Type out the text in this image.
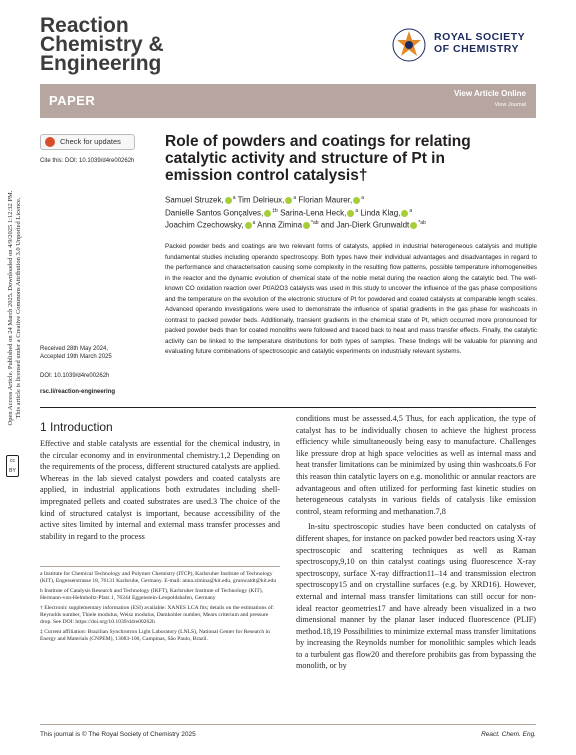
Reaction
Chemistry &
Engineering
ROYAL SOCIETY
OF CHEMISTRY
PAPER	View Article Online
View Journal
Open Access Article. Published on 24 March 2025. Downloaded on 4/9/2025 1:12:32 PM. This article is licensed under a Creative Commons Attribution 3.0 Unported Licence.
cc BY
Check for updates
Cite this: DOI: 10.1039/d4re00262h
Role of powders and coatings for relating catalytic activity and structure of Pt in emission control catalysis†
Samuel Struzek, $^a$ Tim Delrieux, $^a$ Florian Maurer, $^a$
Danielle Santos Gonçalves, $^{\ddagger b}$ Sarina-Lena Heck, $^a$ Linda Klag, $^a$
Joachim Czechowsky, $^a$ Anna Zimina $^{*ab}$ and Jan-Dierk Grunwaldt $^{*ab}$
Packed powder beds and coatings are two relevant forms of catalysts, applied in industrial heterogeneous catalysis and multiple fundamental studies including operando spectroscopy. Both types have their individual advantages and disadvantages in regard to the performance and characterisation causing some complexity in the resulting flow patterns, possible temperature inhomogeneities in the reactor and the dynamic evolution of chemical state of the noble metal during the reaction along the catalytic bed. The well-known CO oxidation reaction over Pt/Al2O3 catalysts was used in this study to uncover the influence of the gas phase compositions and the temperature on the evolution of the electronic structure of Pt for powdered and coated catalysts at comparable length scales. Advanced operando investigations were used to demonstrate the influence of spatial gradients in the gas phase for washcoats in contrast to packed powder beds. Additionally, transient gradients in the chemical state of Pt, which occurred more pronounced for packed powder beds than for coated monoliths were followed and traced back to heat and mass transfer effects. Finally, the catalytic activity can be linked to the temperature distributions for both types of samples. These findings will be valuable for planning and evaluating future combinations of spectroscopic and catalytic experiments on industrially relevant systems.
Received 28th May 2024,
Accepted 19th March 2025
DOI: 10.1039/d4re00262h
rsc.li/reaction-engineering
1 Introduction

Effective and stable catalysts are essential for the chemical industry, in the circular economy and in environmental chemistry.1,2 Depending on the requirements of the process, different structured catalysts are applied. Whereas in the lab sieved catalyst powders and coated catalysts are applied, in industrial applications both extrudates including shell-impregnated pellets and coated substrates are used.3 The choice of the kind of structured catalyst is important, because accessibility of the active sites limited by internal and external mass transfer processes and stability in regard to the process

conditions must be assessed.4,5 Thus, for each application, the type of catalyst has to be individually chosen to achieve the highest process efficiency while simultaneously being easy to manufacture. Challenges like pressure drop at high space velocities as well as internal mass and heat transfer limitations can be minimized by using thin washcoats.6 For this reason thin catalytic layers on e.g. monolithic or annular reactors are advantageous and often utilized for performing fast kinetic studies on heterogeneous catalysts in various fields of catalysis like emission control, steam reforming and methanation.7,8

In-situ spectroscopic studies have been conducted on catalysts of different shapes, for instance on packed powder bed reactors using X-ray spectroscopic and scattering techniques as well as Raman spectroscopy,9,10 on thin catalyst coatings using fluorescence X-ray spectroscopy, surface X-ray diffraction11–14 and transmission electron spectroscopy15 and on crystalline surfaces (e.g. by XRD16). However, external and internal mass transfer limitations can still occur for non-ideal reactor geometries17 and have already been visualized in a two dimensional manner by the planar laser induced fluorescence (PLIF) method.18,19 Possibilities to minimize external mass transfer limitations by increasing the Reynolds number for monolithic samples which leads to a turbulent gas flow20 and therefore prohibits gas from bypassing the monolith, or by

a Institute for Chemical Technology and Polymer Chemistry (ITCP), Karlsruher Institute of Technology (KIT), Engesserstrasse 18, 76131 Karlsruhe, Germany. E-mail: anna.zimina@kit.edu, grunwaldt@kit.edu

b Institute of Catalysis Research and Technology (IKFT), Karlsruher Institute of Technology (KIT), Hermann-von-Helmholtz-Platz 1, 76344 Eggenstein-Leopoldshafen, Germany

† Electronic supplementary information (ESI) available: XANES LCA fits; details on the estimations of: Reynolds number, Thiele modulus, Weisz modulus, Damkohler number, Mears criterium and pressure drop. See DOI: https://doi.org/10.1039/d4re00262h

‡ Current affiliation: Brazilian Synchrotron Light Laboratory (LNLS), National Center for Research in Energy and Materials (CNPEM), 13083-100, Campinas, São Paulo, Brazil.

This journal is © The Royal Society of Chemistry 2025	React. Chem. Eng.
